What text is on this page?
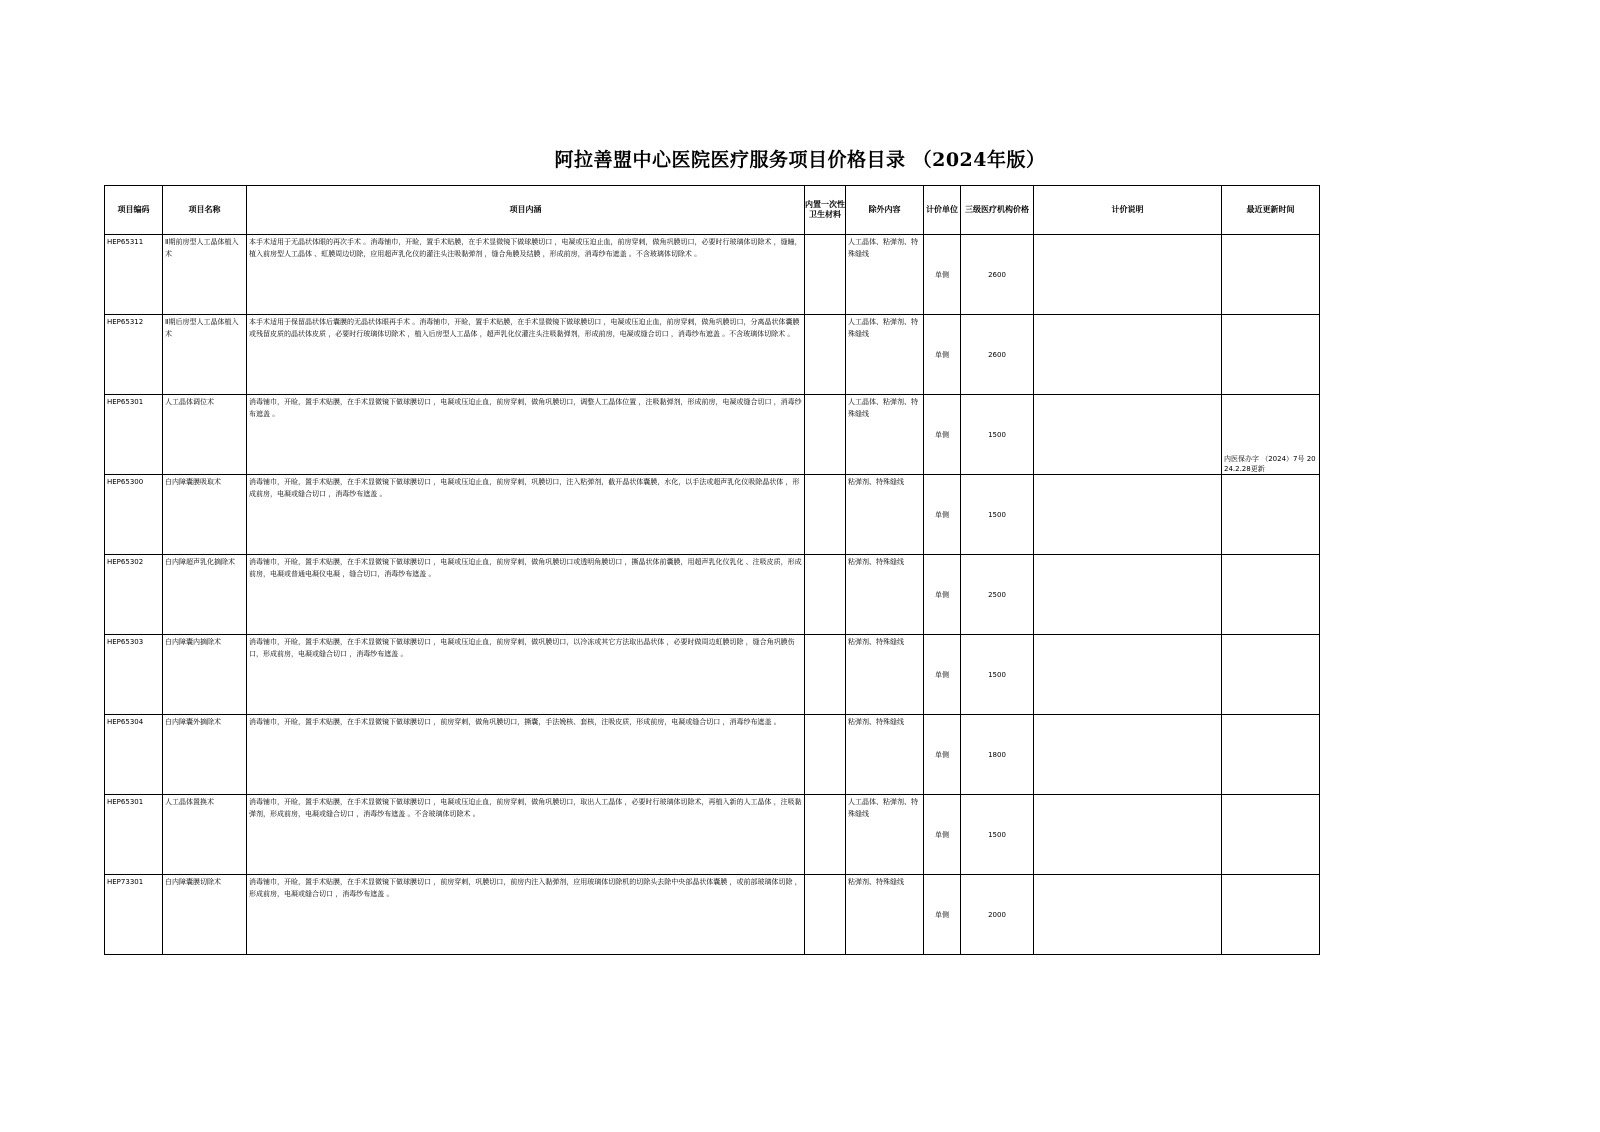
阿拉善盟中心医院医疗服务项目价格目录 （2024年版）
项目编码	项目名称	项目内涵	内置一次性卫生材料	除外内容	计价单位	三级医疗机构价格	计价说明	最近更新时间
HEP65311	Ⅱ期前房型人工晶体植入术	本手术适用于无晶状体眼的再次手术 。消毒铺巾，开睑，置手术贴膜，在手术显微镜下做球膜切口 ，电凝或压迫止血，前房穿刺，做角巩膜切口，必要时行玻璃体切除术 ，缝瞳，植入前房型人工晶体 、虹膜周边切除，应用超声乳化仪的灌注头注吸黏弹剂 ，缝合角膜及结膜 ，形成前房，消毒纱布遮盖 。不含玻璃体切除术 。		人工晶体、粘弹剂、特殊缝线	单侧	2600		

HEP65312	Ⅱ期后房型人工晶体植入术	本手术适用于保留晶状体后囊膜的无晶状体眼再手术 。消毒铺巾，开睑，置手术贴膜，在手术显微镜下做球膜切口 ，电凝或压迫止血，前房穿刺，做角巩膜切口，分离晶状体囊膜或残留皮质的晶状体皮质 ，必要时行玻璃体切除术 ，植入后房型人工晶体 ，超声乳化仪灌注头注吸黏弹剂，形成前房，电凝或缝合切口 ，消毒纱布遮盖 。不含玻璃体切除术 。		人工晶体、粘弹剂、特殊缝线	单侧	2600		

HEP65301	人工晶体调位术	消毒铺巾，开睑，置手术贴膜，在手术显微镜下做球膜切口 ，电凝或压迫止血，前房穿刺，做角巩膜切口，调整人工晶体位置 ，注吸黏弹剂，形成前房，电凝或缝合切口 ，消毒纱布遮盖 。		人工晶体、粘弹剂、特殊缝线	单侧	1500		内医保办字 （2024）7号 2024.2.28更新

HEP65300	白内障囊膜吸取术	消毒铺巾，开睑，置手术贴膜，在手术显微镜下做球膜切口 ，电凝或压迫止血，前房穿刺，巩膜切口，注入粘弹剂，截开晶状体囊膜，水化，以手法或超声乳化仪吸除晶状体 ，形成前房，电凝或缝合切口 ，消毒纱布遮盖 。		粘弹剂、特殊缝线	单侧	1500		

HEP65302	白内障超声乳化摘除术	消毒铺巾，开睑，置手术贴膜，在手术显微镜下做球膜切口 ，电凝或压迫止血，前房穿刺，做角巩膜切口或透明角膜切口 ，撕晶状体前囊膜，用超声乳化仪乳化 、注吸皮质，形成前房，电凝或普通电凝仪电凝 ，缝合切口，消毒纱布遮盖 。		粘弹剂、特殊缝线	单侧	2500		

HEP65303	白内障囊内摘除术	消毒铺巾，开睑，置手术贴膜，在手术显微镜下做球膜切口 ，电凝或压迫止血，前房穿刺，做巩膜切口，以冷冻或其它方法取出晶状体 ，必要时做周边虹膜切除 ，缝合角巩膜伤口，形成前房，电凝或缝合切口 ，消毒纱布遮盖 。		粘弹剂、特殊缝线	单侧	1500		

HEP65304	白内障囊外摘除术	消毒铺巾，开睑，置手术贴膜，在手术显微镜下做球膜切口 ，前房穿刺，做角巩膜切口，撕囊，手法娩核、套核，注吸皮质，形成前房，电凝或缝合切口 ，消毒纱布遮盖 。		粘弹剂、特殊缝线	单侧	1800		

HEP65301	人工晶体置换术	消毒铺巾，开睑，置手术贴膜，在手术显微镜下做球膜切口 ，电凝或压迫止血，前房穿刺，做角巩膜切口，取出人工晶体 ，必要时行玻璃体切除术，再植入新的人工晶体 ，注吸黏弹剂，形成前房，电凝或缝合切口 ，消毒纱布遮盖 。不含玻璃体切除术 。		人工晶体、粘弹剂、特殊缝线	单侧	1500		

HEP73301	白内障囊膜切除术	消毒铺巾，开睑，置手术贴膜，在手术显微镜下做球膜切口 ，前房穿刺，巩膜切口，前房内注入黏弹剂，应用玻璃体切除机的切除头去除中央部晶状体囊膜 ，或前部玻璃体切除 ，形成前房，电凝或缝合切口 ，消毒纱布遮盖 。		粘弹剂、特殊缝线	单侧	2000		
